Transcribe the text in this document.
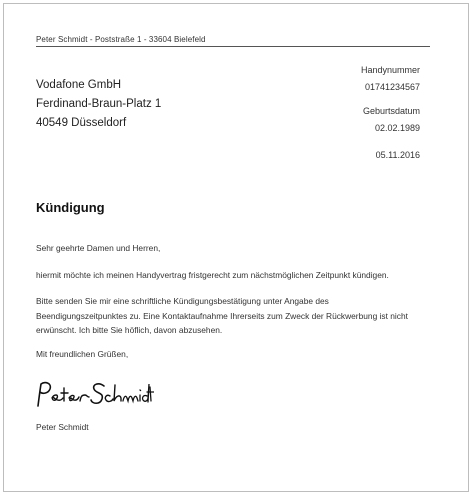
Peter Schmidt - Poststraße 1 - 33604 Bielefeld
Vodafone GmbH
Ferdinand-Braun-Platz 1
40549 Düsseldorf
Handynummer
01741234567
Geburtsdatum
02.02.1989
05.11.2016
Kündigung
Sehr geehrte Damen und Herren,
hiermit möchte ich meinen Handyvertrag fristgerecht zum nächstmöglichen Zeitpunkt kündigen.
Bitte senden Sie mir eine schriftliche Kündigungsbestätigung unter Angabe des
Beendigungszeitpunktes zu. Eine Kontaktaufnahme Ihrerseits zum Zweck der Rückwerbung ist nicht
erwünscht. Ich bitte Sie höflich, davon abzusehen.
Mit freundlichen Grüßen,
Peter Schmidt
